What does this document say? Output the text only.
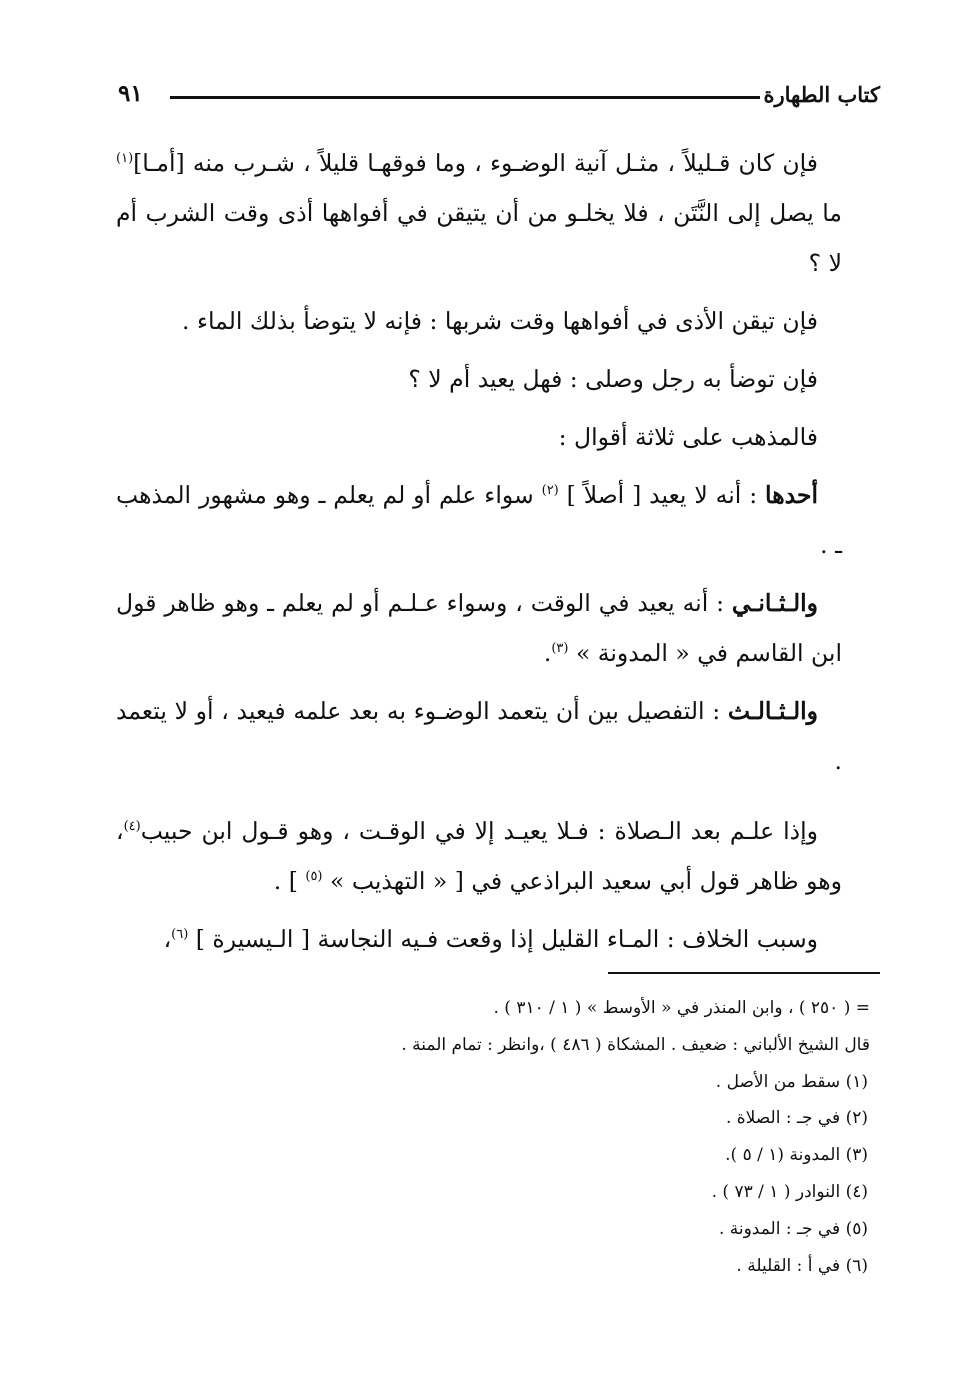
كتاب الطهارة
٩١

فإن كان قـليلاً ، مثـل آنية الوضـوء ، وما فوقهـا قليلاً ، شـرب منه [أمـا]$^{(١)}$ ما يصل إلى النَّتَن ، فلا يخلـو من أن يتيقن في أفواهها أذى وقت الشرب أم لا ؟

فإن تيقن الأذى في أفواهها وقت شربها : فإنه لا يتوضأ بذلك الماء .

فإن توضأ به رجل وصلى : فهل يعيد أم لا ؟

فالمذهب على ثلاثة أقوال :

أحدها : أنه لا يعيد [ أصلاً ] $^{(٢)}$ سواء علم أو لم يعلم ـ وهو مشهور المذهب ـ .

والـثـانـي : أنه يعيد في الوقت ، وسواء عـلـم أو لم يعلم ـ وهو ظاهر قول ابن القاسم في « المدونة » $^{(٣)}$.

والـثـالـث : التفصيل بين أن يتعمد الوضـوء به بعد علمه فيعيد ، أو لا يتعمد .

وإذا علـم بعد الـصلاة : فـلا يعيـد إلا في الوقـت ، وهو قـول ابن حبيب$^{(٤)}$، وهو ظاهر قول أبي سعيد البراذعي في [ « التهذيب » $^{(٥)}$ ] .

وسبب الخلاف : المـاء القليل إذا وقعت فـيه النجاسة [ الـيسيرة ] $^{(٦)}$،

= ( ٢٥٠ ) ، وابن المنذر في « الأوسط » ( ١ / ٣١٠ ) .

قال الشيخ الألباني : ضعيف . المشكاة ( ٤٨٦ ) ،وانظر : تمام المنة .

(١) سقط من الأصل .

(٢) في جـ : الصلاة .

(٣) المدونة (١ / ٥ ).

(٤) النوادر ( ١ / ٧٣ ) .

(٥) في جـ : المدونة .

(٦) في أ : القليلة .
